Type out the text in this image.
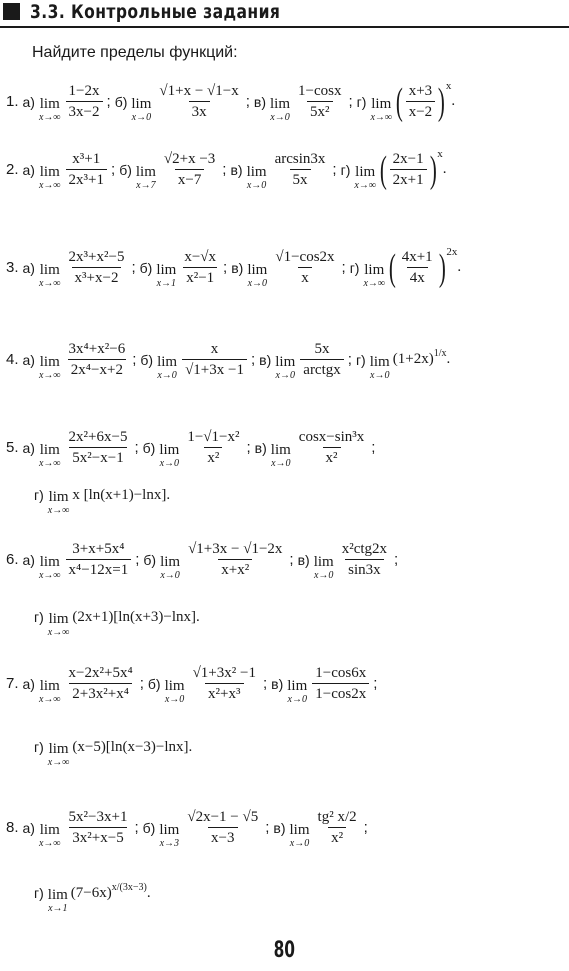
3.3. Контрольные задания
Найдите пределы функций:
1. а) lim
$x\to\infty \frac{1-2x}{3x-2}$ ; б) lim
$x\to 0 \frac{√1+x - √1-x}{3x}$ ; в) lim
$x\to 0 \frac{1-\cos x}{\text{5x²}}$ ; г) lim
x→∞ ( $\frac{x+3}{x-2}$ ) x
.
2. а) lim
$x\to\infty \frac{\text{x³+1}}{\text{2x³+1}}$ ; б) lim
$x\to 7 \frac{√2+x -3}{x-7}$ ; в) lim
$x\to 0 \frac{\arcsin 3x}{5x}$ ; г) lim
x→∞ ( $\frac{2x-1}{2x+1}$ ) x
.
3. а) lim
$x\to\infty \frac{\text{2x³+x²−5}}{\text{x³+x−2}}$ ; б) lim
$x\to 1 \frac{x-√x}{\text{x²−1}}$ ; в) lim
$x\to 0 \frac{√1-\cos 2x}{x}$ ; г) lim
x→∞ ( $\frac{4x+1}{4x}$ ) 2x
.
4. а) lim
$x\to\infty \frac{\text{3x⁴+x²−6}}{\text{2x⁴−x+2}}$ ; б) lim
$x\to 0 \frac{x}{√1+3x -1}$ ; в) lim
$x\to 0 \frac{5x}{\text{arctgx}}$ ; г) lim
x→0
(1+2x) 1/x .
5. а) lim
$x\to\infty \frac{\text{2x²+6x−5}}{\text{5x²−x−1}}$ ; б) lim
$x\to 0 \frac{\text{1−√1−x²}}{\text{x²}}$ ; в) lim
$x\to 0 \frac{\text{cosx−sin³x}}{\text{x²}}$ ;
г) lim
x→∞
x [ln(x+1)−lnx].
6. а) lim
$x\to\infty \frac{\text{3+x+5x⁴}}{\text{x⁴−12x=1}}$ ; б) lim
$x\to 0 \frac{√1+3x - √1-2x}{\text{x+x²}}$ ; в) lim
$x\to 0 \frac{\text{x²ctg2x}}{\sin 3x}$ ;
г) lim
x→∞
(2x+1)[ln(x+3)−lnx].
7. а) lim
$x\to\infty \frac{\text{x−2x²+5x⁴}}{\text{2+3x²+x⁴}}$ ; б) lim
$x\to 0 \frac{\text{√1+3x² −1}}{\text{x²+x³}}$ ; в) lim
$x\to 0 \frac{1-\cos 6x}{1-\cos 2x}$ ;
г) lim
x→∞
(x−5)[ln(x−3)−lnx].
8. а) lim
$x\to\infty \frac{\text{5x²−3x+1}}{\text{3x²+x−5}}$ ; б) lim
$x\to 3 \frac{√2x-1 - √5}{x-3}$ ; в) lim
$x\to 0 \frac{\text{tg² x/2}}{\text{x²}}$ ;
г) lim
x→1
(7−6x) x/(3x−3) .
80
